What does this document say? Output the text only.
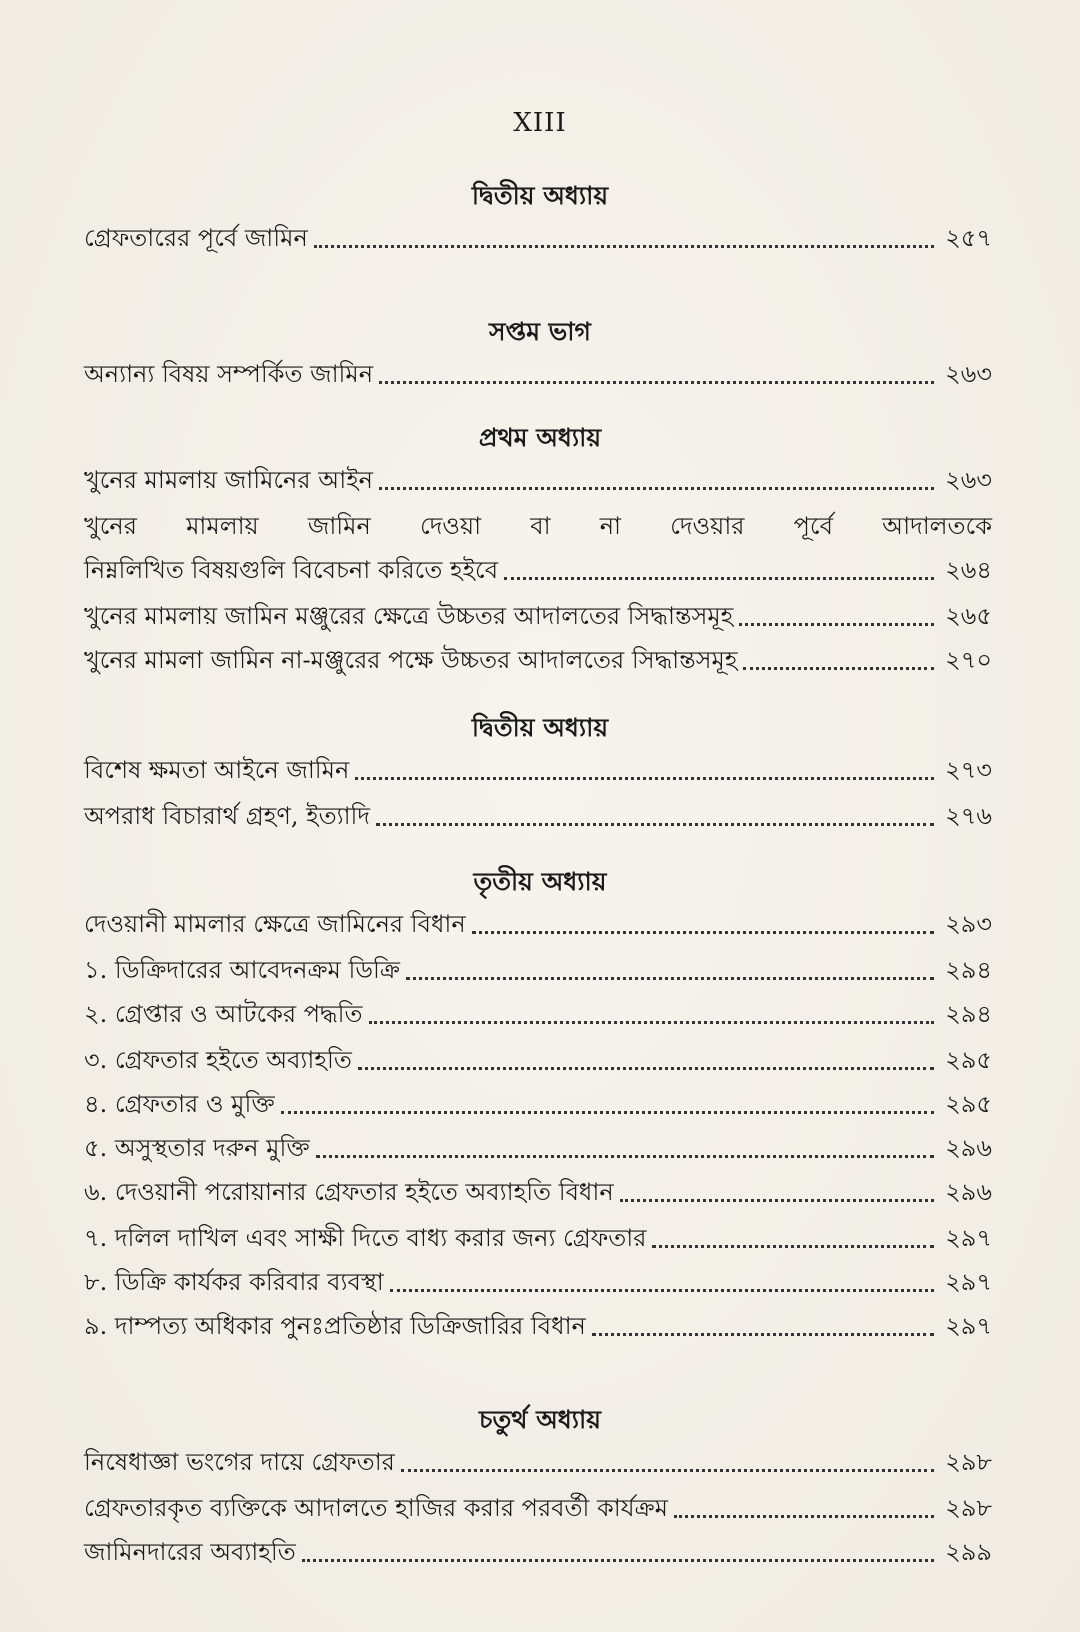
XIII
দ্বিতীয় অধ্যায়
গ্রেফতারের পূর্বে জামিন	২৫৭
সপ্তম ভাগ
অন্যান্য বিষয় সম্পর্কিত জামিন	২৬৩
প্রথম অধ্যায়
খুনের মামলায় জামিনের আইন	২৬৩
খুনের মামলায় জামিন দেওয়া বা না দেওয়ার পূর্বে আদালতকে
নিম্নলিখিত বিষয়গুলি বিবেচনা করিতে হইবে	২৬৪
খুনের মামলায় জামিন মঞ্জুরের ক্ষেত্রে উচ্চতর আদালতের সিদ্ধান্তসমূহ	২৬৫
খুনের মামলা জামিন না-মঞ্জুরের পক্ষে উচ্চতর আদালতের সিদ্ধান্তসমূহ	২৭০
দ্বিতীয় অধ্যায়
বিশেষ ক্ষমতা আইনে জামিন	২৭৩
অপরাধ বিচারার্থ গ্রহণ, ইত্যাদি	২৭৬
তৃতীয় অধ্যায়
দেওয়ানী মামলার ক্ষেত্রে জামিনের বিধান	২৯৩
১. ডিক্রিদারের আবেদনক্রম ডিক্রি	২৯৪
২. গ্রেপ্তার ও আটকের পদ্ধতি	২৯৪
৩. গ্রেফতার হইতে অব্যাহতি	২৯৫
৪. গ্রেফতার ও মুক্তি	২৯৫
৫. অসুস্থতার দরুন মুক্তি	২৯৬
৬. দেওয়ানী পরোয়ানার গ্রেফতার হইতে অব্যাহতি বিধান	২৯৬
৭. দলিল দাখিল এবং সাক্ষী দিতে বাধ্য করার জন্য গ্রেফতার	২৯৭
৮. ডিক্রি কার্যকর করিবার ব্যবস্থা	২৯৭
৯. দাম্পত্য অধিকার পুনঃপ্রতিষ্ঠার ডিক্রিজারির বিধান	২৯৭
চতুর্থ অধ্যায়
নিষেধাজ্ঞা ভংগের দায়ে গ্রেফতার	২৯৮
গ্রেফতারকৃত ব্যক্তিকে আদালতে হাজির করার পরবর্তী কার্যক্রম	২৯৮
জামিনদারের অব্যাহতি	২৯৯
